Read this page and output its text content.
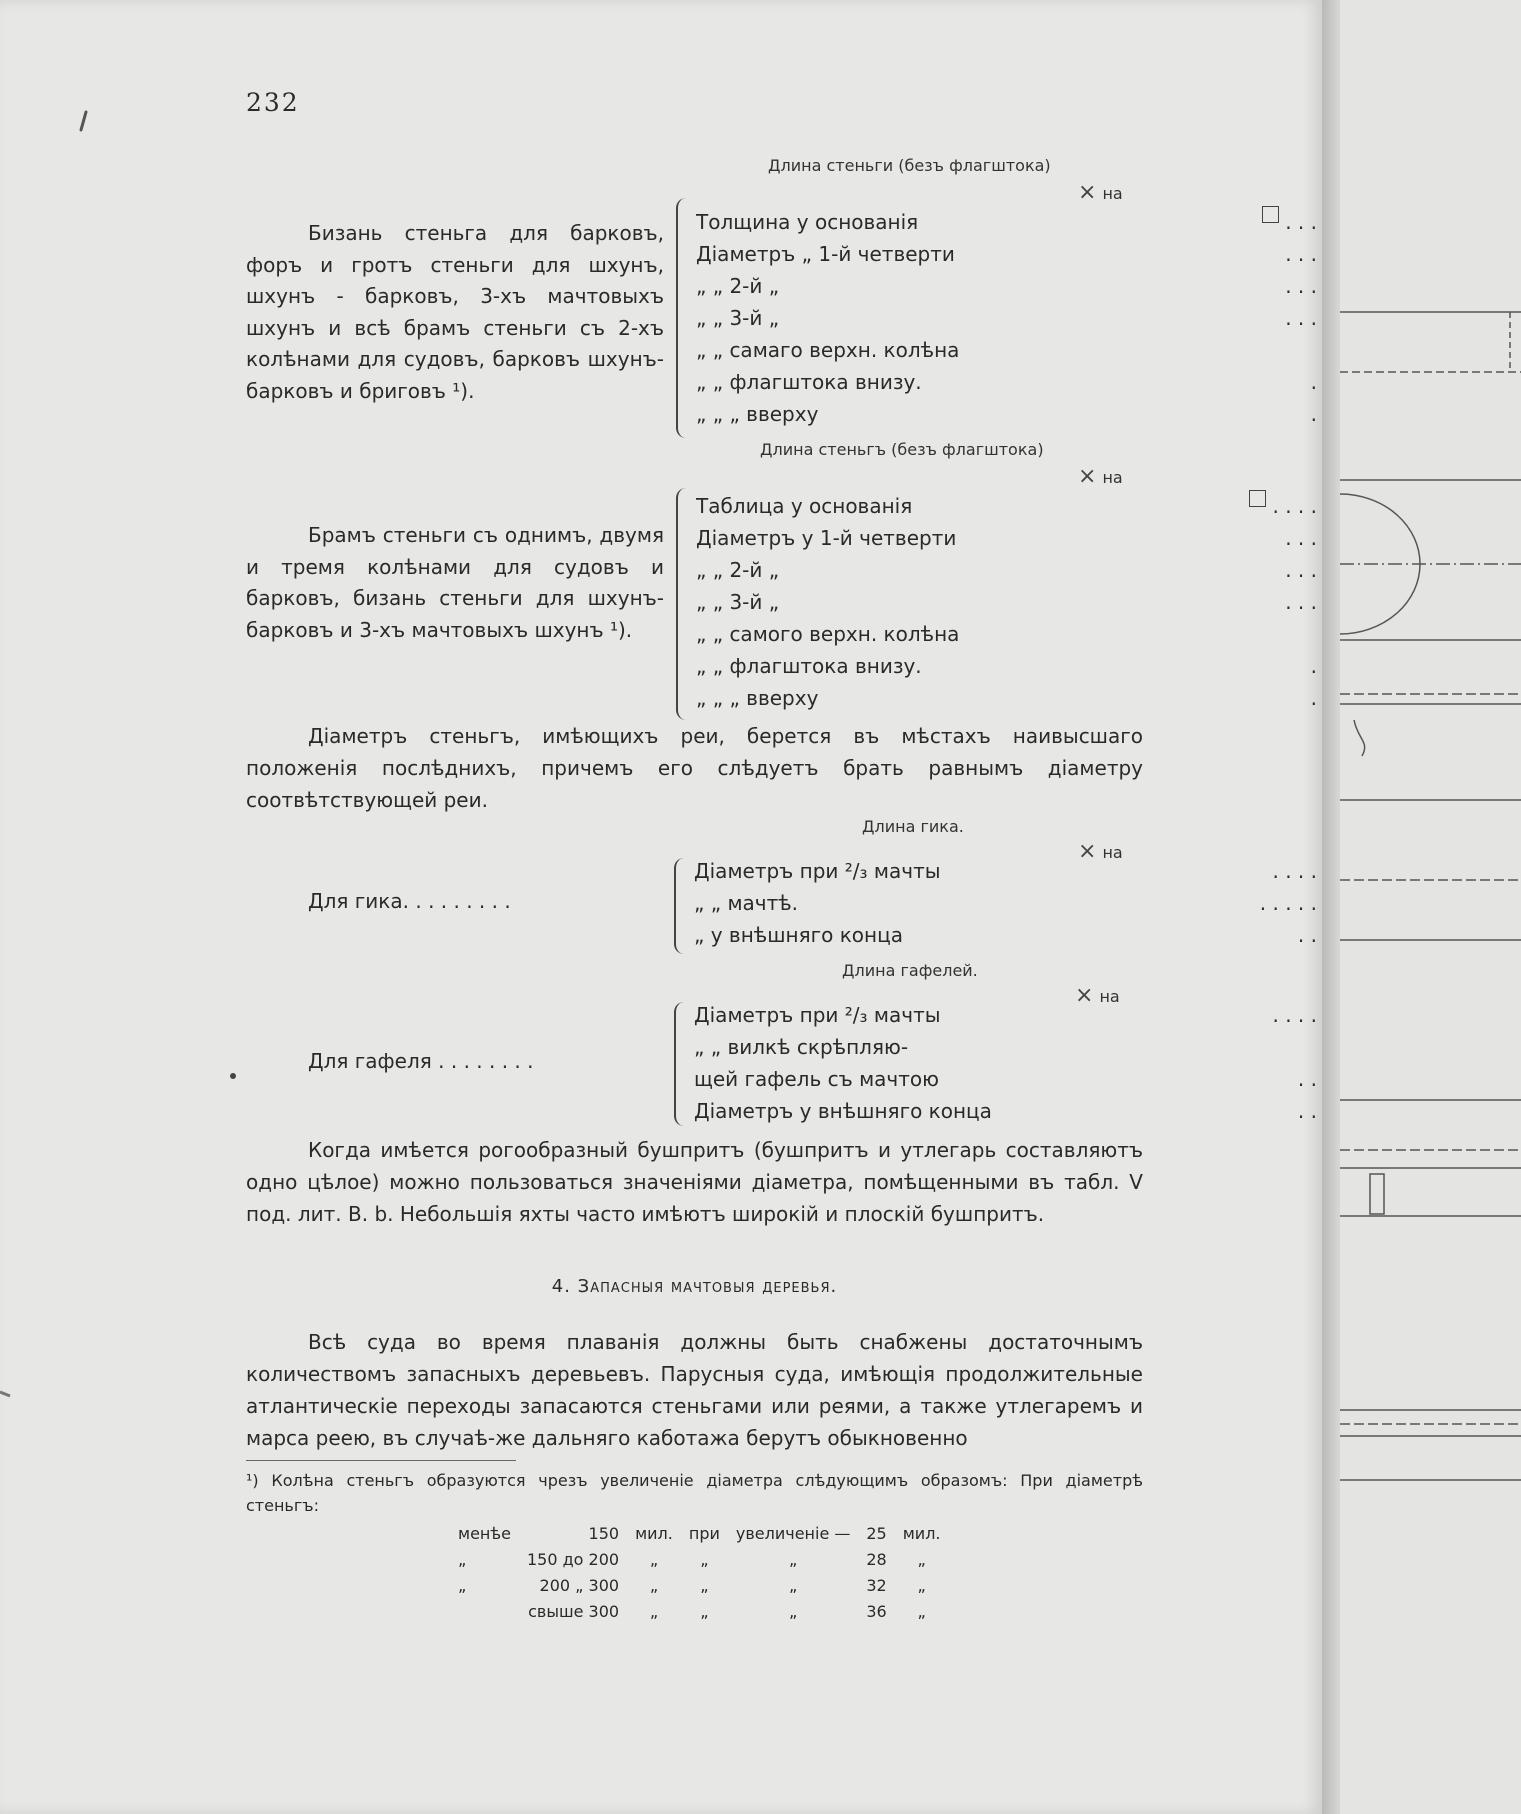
232
Длина стеньги (безъ флагштока)
× на
Бизань стеньга для барковъ, форъ и гротъ стеньги для шхунъ, шхунъ - барковъ, 3-хъ мачтовыхъ шхунъ и всѣ брамъ стеньги съ 2-хъ колѣнами для судовъ, барковъ шхунъ-барковъ и бриговъ ¹).
Толщина у основанія	. . .
Діаметръ „ 1-й четверти	. . .
„ „ 2-й „	. . .
„ „ 3-й „	. . .
„ „ самаго верхн. колѣна
„ „ флагштока внизу.	.
„ „ „ вверху	.
Длина стеньгъ (безъ флагштока)
× на
Брамъ стеньги съ однимъ, двумя и тремя колѣнами для судовъ и барковъ, бизань стеньги для шхунъ-барковъ и 3-хъ мачтовыхъ шхунъ ¹).
Таблица у основанія	. . . .
Діаметръ у 1-й четверти	. . .
„ „ 2-й „	. . .
„ „ 3-й „	. . .
„ „ самого верхн. колѣна
„ „ флагштока внизу.	.
„ „ „ вверху	.
Діаметръ стеньгъ, имѣющихъ реи, берется въ мѣстахъ наивысшаго положенія послѣднихъ, причемъ его слѣдуетъ брать равнымъ діаметру соотвѣтствующей реи.
Длина гика.
× на
Для гика. . . . . . . . .
Діаметръ при ²/₃ мачты	. . . .
„ „ мачтѣ.	. . . . .
„ у внѣшняго конца	. .
Длина гафелей.
× на
Для гафеля . . . . . . . .
Діаметръ при ²/₃ мачты	. . . .
„ „ вилкѣ скрѣпляю-
щей гафель съ мачтою	. .
Діаметръ у внѣшняго конца	. .
Когда имѣется рогообразный бушпритъ (бушпритъ и утлегарь составляютъ одно цѣлое) можно пользоваться значеніями діаметра, помѣщенными въ табл. V под. лит. В. b. Небольшія яхты часто имѣютъ широкій и плоскій бушпритъ.
4. Запасныя мачтовыя деревья.
Всѣ суда во время плаванія должны быть снабжены достаточнымъ количествомъ запасныхъ деревьевъ. Парусныя суда, имѣющія продолжительные атлантическіе переходы запасаются стеньгами или реями, а также утлегаремъ и марса реею, въ случаѣ-же дальняго каботажа берутъ обыкновенно
¹) Колѣна стеньгъ образуются чрезъ увеличеніе діаметра слѣдующимъ образомъ: При діаметрѣ стеньгъ:
менѣе	150	мил.	при	увеличеніе —	25	мил.
„	150 до 200	„	„	„	28	„
„	200 „ 300	„	„	„	32	„
	свыше 300	„	„	„	36	„
